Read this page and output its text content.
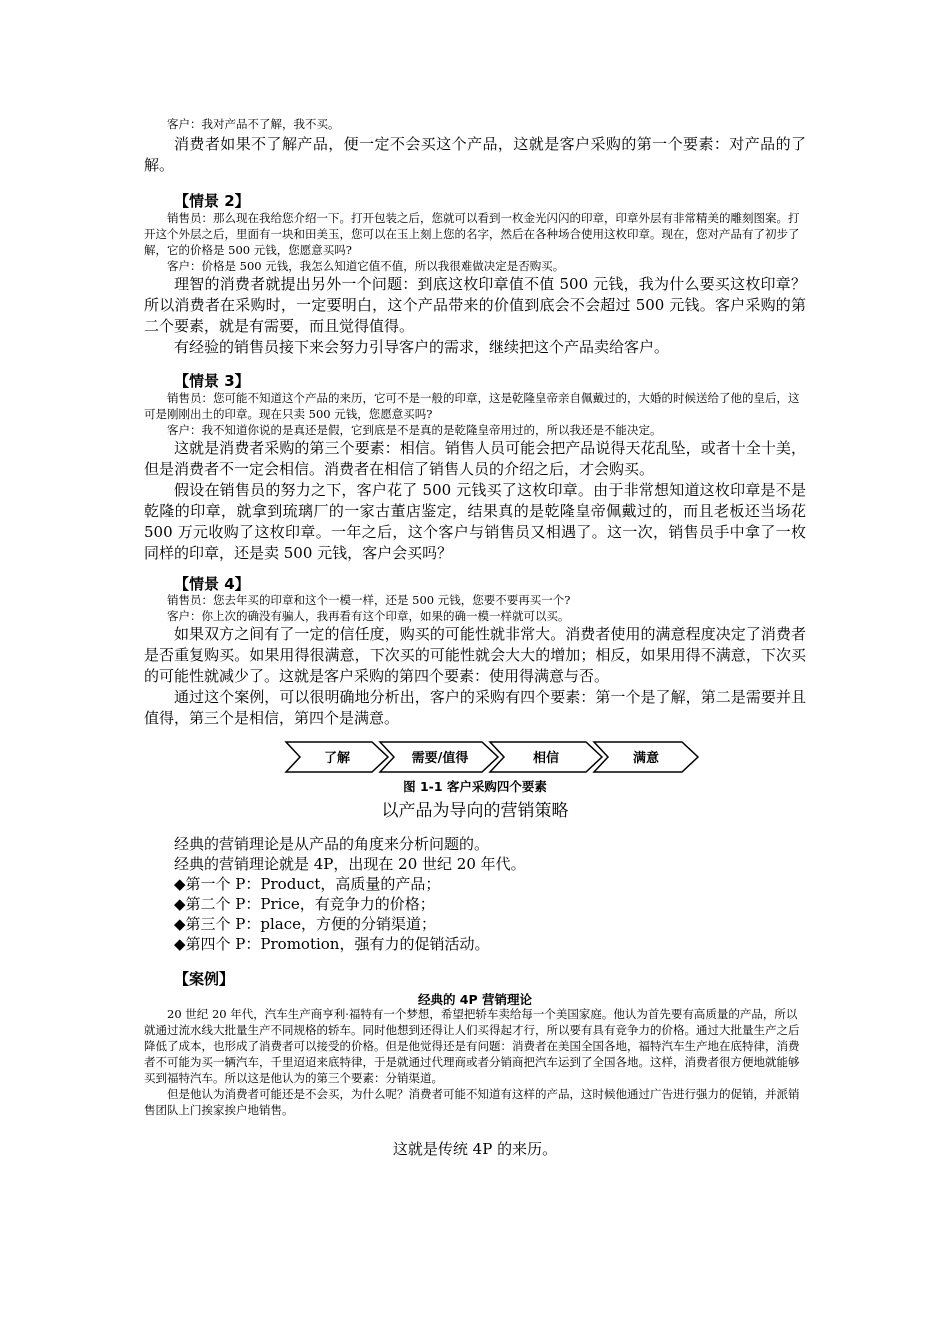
客户：我对产品不了解，我不买。

消费者如果不了解产品，便一定不会买这个产品，这就是客户采购的第一个要素：对产品的了解。

【情景 2】

销售员：那么现在我给您介绍一下。打开包装之后，您就可以看到一枚金光闪闪的印章，印章外层有非常精美的雕刻图案。打开这个外层之后，里面有一块和田美玉，您可以在玉上刻上您的名字，然后在各种场合使用这枚印章。现在，您对产品有了初步了解，它的价格是 500 元钱，您愿意买吗?

客户：价格是 500 元钱，我怎么知道它值不值，所以我很难做决定是否购买。

理智的消费者就提出另外一个问题：到底这枚印章值不值 500 元钱，我为什么要买这枚印章？所以消费者在采购时，一定要明白，这个产品带来的价值到底会不会超过 500 元钱。客户采购的第二个要素，就是有需要，而且觉得值得。

有经验的销售员接下来会努力引导客户的需求，继续把这个产品卖给客户。

【情景 3】

销售员：您可能不知道这个产品的来历，它可不是一般的印章，这是乾隆皇帝亲自佩戴过的，大婚的时候送给了他的皇后，这可是刚刚出土的印章。现在只卖 500 元钱，您愿意买吗?

客户：我不知道你说的是真还是假，它到底是不是真的是乾隆皇帝用过的，所以我还是不能决定。

这就是消费者采购的第三个要素：相信。销售人员可能会把产品说得天花乱坠，或者十全十美，但是消费者不一定会相信。消费者在相信了销售人员的介绍之后，才会购买。

假设在销售员的努力之下，客户花了 500 元钱买了这枚印章。由于非常想知道这枚印章是不是乾隆的印章，就拿到琉璃厂的一家古董店鉴定，结果真的是乾隆皇帝佩戴过的，而且老板还当场花 500 万元收购了这枚印章。一年之后，这个客户与销售员又相遇了。这一次，销售员手中拿了一枚同样的印章，还是卖 500 元钱，客户会买吗？

【情景 4】

销售员：您去年买的印章和这个一模一样，还是 500 元钱，您要不要再买一个?

客户：你上次的确没有骗人，我再看有这个印章，如果的确一模一样就可以买。

如果双方之间有了一定的信任度，购买的可能性就非常大。消费者使用的满意程度决定了消费者是否重复购买。如果用得很满意，下次买的可能性就会大大的增加；相反，如果用得不满意，下次买的可能性就减少了。这就是客户采购的第四个要素：使用得满意与否。

通过这个案例，可以很明确地分析出，客户的采购有四个要素：第一个是了解，第二是需要并且值得，第三个是相信，第四个是满意。

了解	需要/值得	相信	满意
图 1-1 客户采购四个要素
以产品为导向的营销策略

经典的营销理论是从产品的角度来分析问题的。

经典的营销理论就是 4P，出现在 20 世纪 20 年代。

◆第一个 P：Product，高质量的产品；

◆第二个 P：Price，有竞争力的价格；

◆第三个 P：place，方便的分销渠道；

◆第四个 P：Promotion，强有力的促销活动。

【案例】

经典的 4P 营销理论

20 世纪 20 年代，汽车生产商亨利·福特有一个梦想，希望把轿车卖给每一个美国家庭。他认为首先要有高质量的产品，所以就通过流水线大批量生产不同规格的轿车。同时他想到还得让人们买得起才行，所以要有具有竞争力的价格。通过大批量生产之后降低了成本，也形成了消费者可以接受的价格。但是他觉得还是有问题：消费者在美国全国各地，福特汽车生产地在底特律，消费者不可能为买一辆汽车，千里迢迢来底特律，于是就通过代理商或者分销商把汽车运到了全国各地。这样，消费者很方便地就能够买到福特汽车。所以这是他认为的第三个要素：分销渠道。

但是他认为消费者可能还是不会买，为什么呢？消费者可能不知道有这样的产品，这时候他通过广告进行强力的促销，并派销售团队上门挨家挨户地销售。

这就是传统 4P 的来历。
